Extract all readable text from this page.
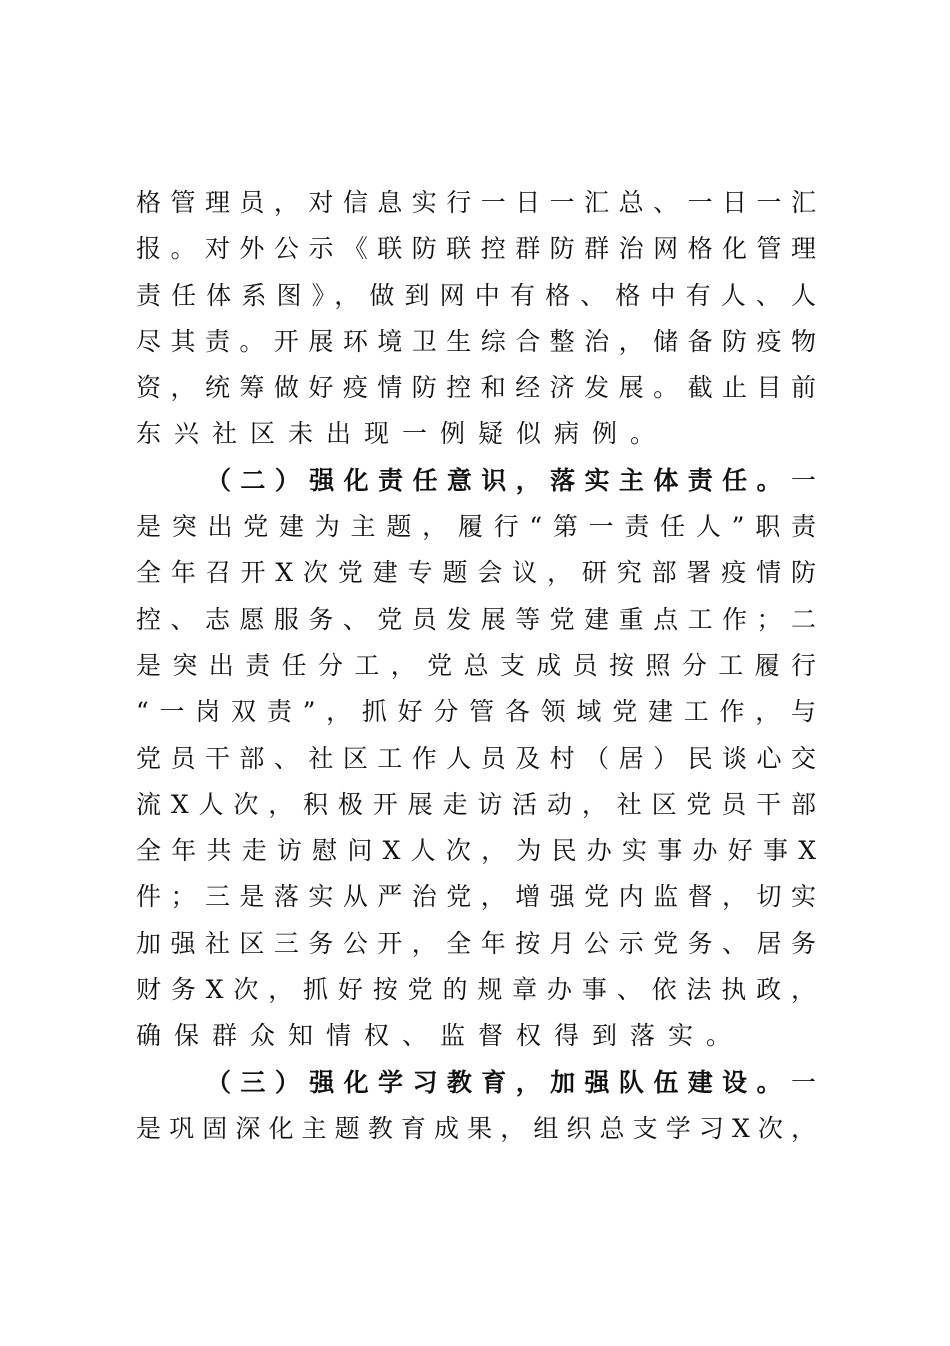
格管理员，对信息实行一日一汇总、一日一汇
报。对外公示《联防联控群防群治网格化管理
责任体系图》，做到网中有格、格中有人、人
尽其责。开展环境卫生综合整治，储备防疫物
资，统筹做好疫情防控和经济发展。截止目前
东兴社区未出现一例疑似病例。
（二）强化责任意识，落实主体责任。一
是突出党建为主题，履行“第一责任人”职责
全年召开X次党建专题会议，研究部署疫情防
控、志愿服务、党员发展等党建重点工作；二
是突出责任分工，党总支成员按照分工履行
“一岗双责”，抓好分管各领域党建工作，与
党员干部、社区工作人员及村（居）民谈心交
流X人次，积极开展走访活动，社区党员干部
全年共走访慰问X人次，为民办实事办好事X
件；三是落实从严治党，增强党内监督，切实
加强社区三务公开，全年按月公示党务、居务
财务X次，抓好按党的规章办事、依法执政，
确保群众知情权、监督权得到落实。
（三）强化学习教育，加强队伍建设。一
是巩固深化主题教育成果，组织总支学习X次，
